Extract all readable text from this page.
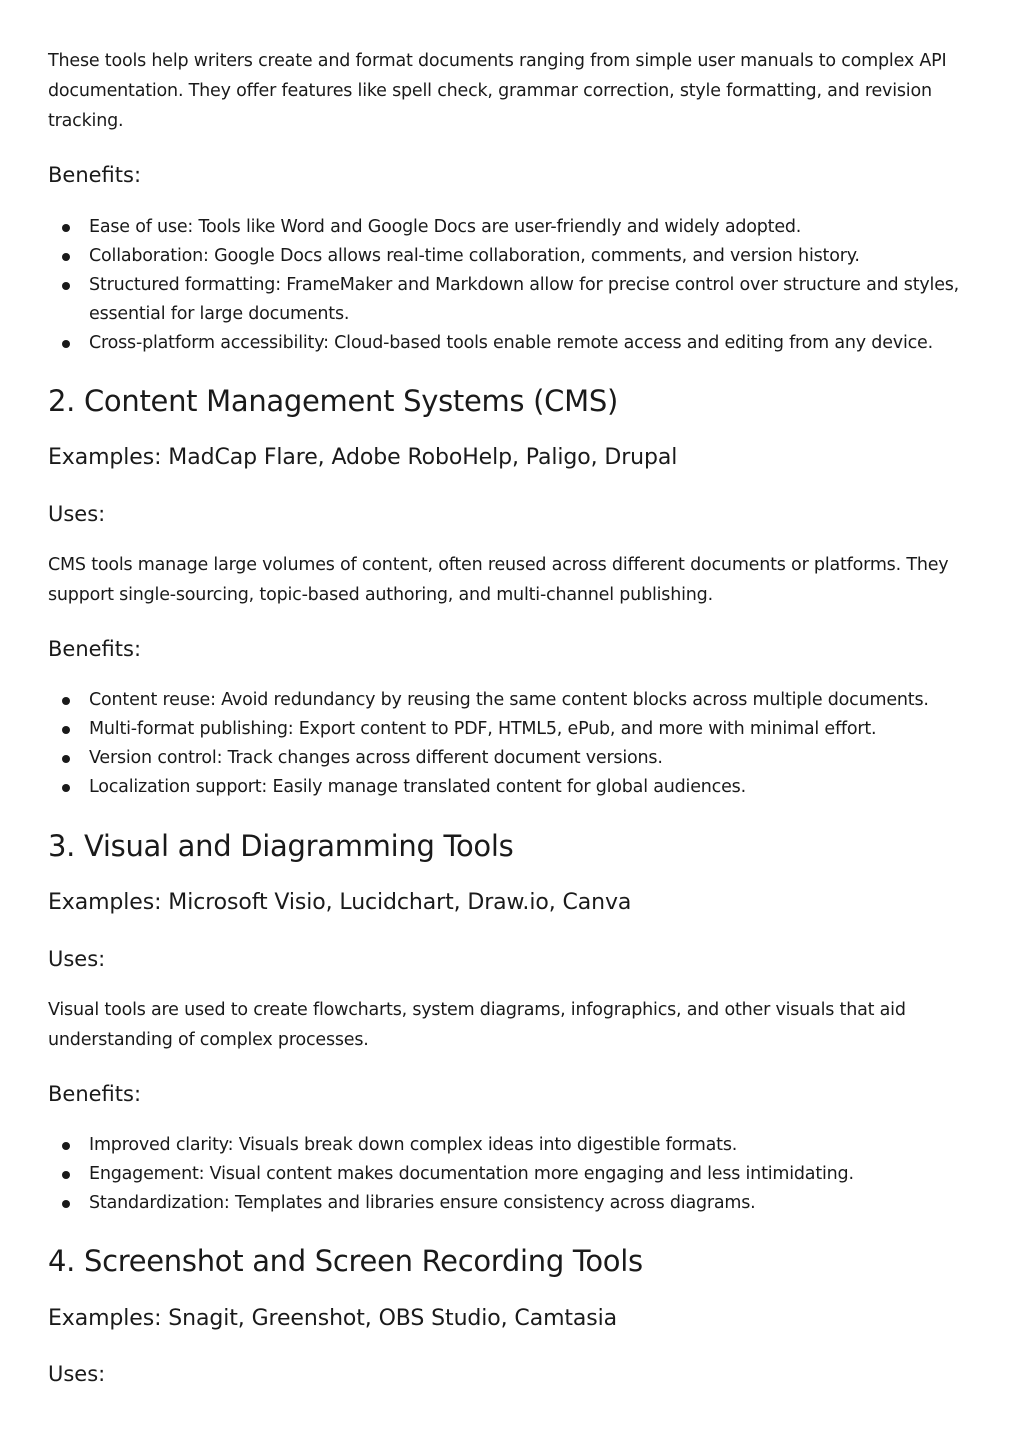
These tools help writers create and format documents ranging from simple user manuals to complex API documentation. They offer features like spell check, grammar correction, style formatting, and revision tracking.

Benefits:
Ease of use: Tools like Word and Google Docs are user-friendly and widely adopted.
Collaboration: Google Docs allows real-time collaboration, comments, and version history.
Structured formatting: FrameMaker and Markdown allow for precise control over structure and styles, essential for large documents.
Cross-platform accessibility: Cloud-based tools enable remote access and editing from any device.
2. Content Management Systems (CMS)
Examples: MadCap Flare, Adobe RoboHelp, Paligo, Drupal
Uses:

CMS tools manage large volumes of content, often reused across different documents or platforms. They support single-sourcing, topic-based authoring, and multi-channel publishing.

Benefits:
Content reuse: Avoid redundancy by reusing the same content blocks across multiple documents.
Multi-format publishing: Export content to PDF, HTML5, ePub, and more with minimal effort.
Version control: Track changes across different document versions.
Localization support: Easily manage translated content for global audiences.
3. Visual and Diagramming Tools
Examples: Microsoft Visio, Lucidchart, Draw.io, Canva
Uses:

Visual tools are used to create flowcharts, system diagrams, infographics, and other visuals that aid understanding of complex processes.

Benefits:
Improved clarity: Visuals break down complex ideas into digestible formats.
Engagement: Visual content makes documentation more engaging and less intimidating.
Standardization: Templates and libraries ensure consistency across diagrams.
4. Screenshot and Screen Recording Tools
Examples: Snagit, Greenshot, OBS Studio, Camtasia
Uses:
